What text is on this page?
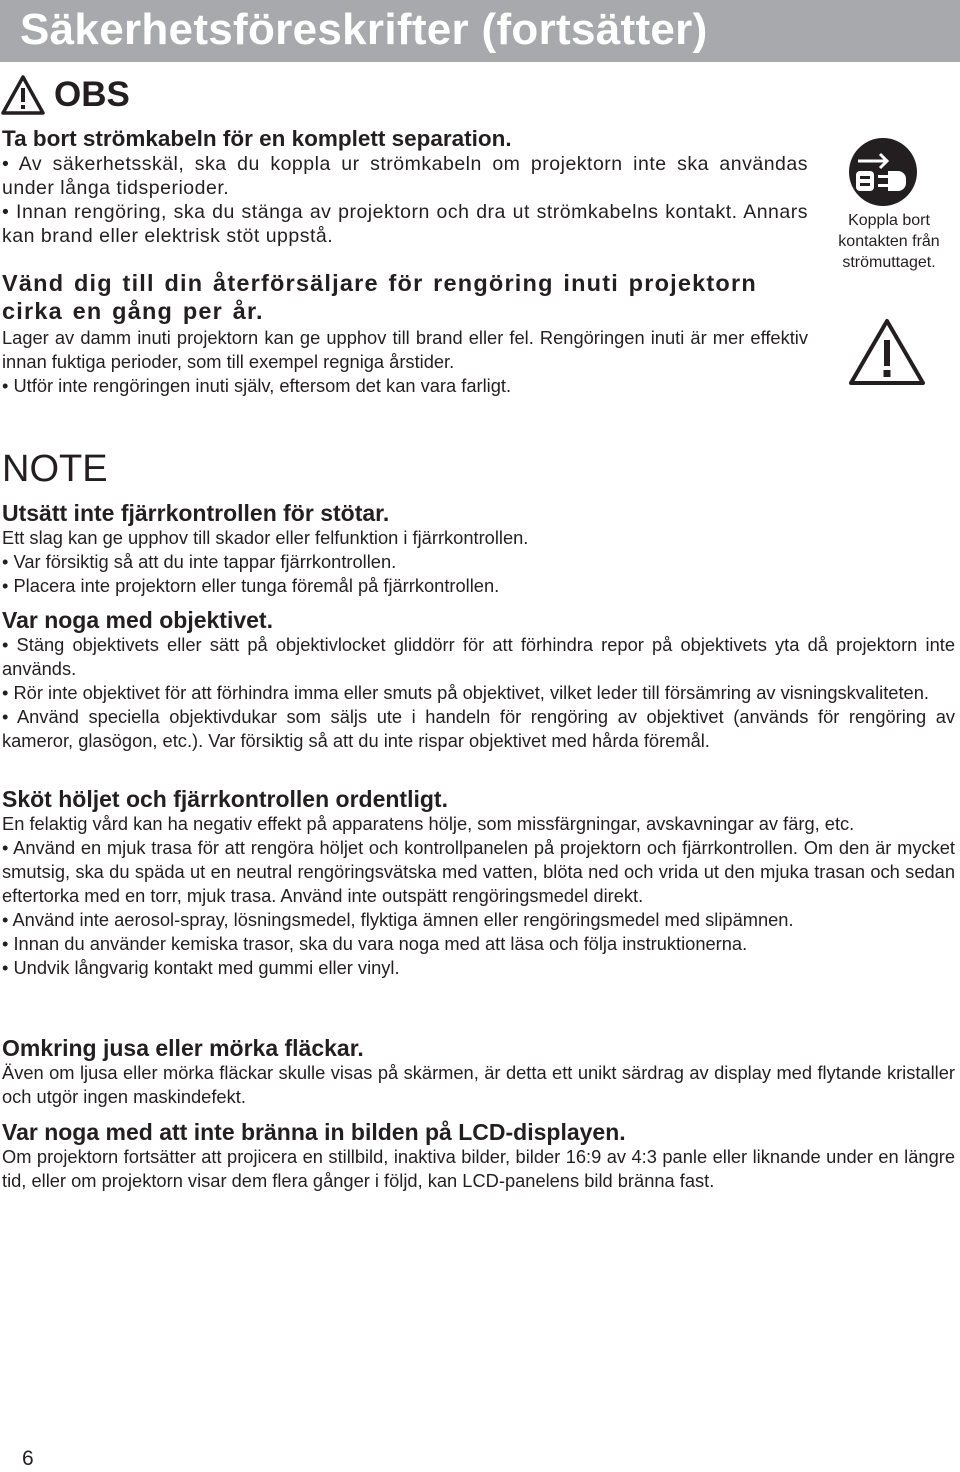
Säkerhetsföreskrifter (fortsätter)
OBS

Ta bort strömkabeln för en komplett separation.

• Av säkerhetsskäl, ska du koppla ur strömkabeln om projektorn inte ska användas under långa tidsperioder.

• Innan rengöring, ska du stänga av projektorn och dra ut strömkabelns kontakt. Annars kan brand eller elektrisk stöt uppstå.

Vänd dig till din återförsäljare för rengöring inuti projektorn cirka en gång per år.

Lager av damm inuti projektorn kan ge upphov till brand eller fel. Rengöringen inuti är mer effektiv innan fuktiga perioder, som till exempel regniga årstider.

• Utför inte rengöringen inuti själv, eftersom det kan vara farligt.

Koppla bort kontakten från strömuttaget.
NOTE

Utsätt inte fjärrkontrollen för stötar.

Ett slag kan ge upphov till skador eller felfunktion i fjärrkontrollen.

• Var försiktig så att du inte tappar fjärrkontrollen.

• Placera inte projektorn eller tunga föremål på fjärrkontrollen.

Var noga med objektivet.

• Stäng objektivets eller sätt på objektivlocket gliddörr för att förhindra repor på objektivets yta då projektorn inte används.

• Rör inte objektivet för att förhindra imma eller smuts på objektivet, vilket leder till försämring av visningskvaliteten.

• Använd speciella objektivdukar som säljs ute i handeln för rengöring av objektivet (används för rengöring av kameror, glasögon, etc.). Var försiktig så att du inte rispar objektivet med hårda föremål.

Sköt höljet och fjärrkontrollen ordentligt.

En felaktig vård kan ha negativ effekt på apparatens hölje, som missfärgningar, avskavningar av färg, etc.

• Använd en mjuk trasa för att rengöra höljet och kontrollpanelen på projektorn och fjärrkontrollen. Om den är mycket smutsig, ska du späda ut en neutral rengöringsvätska med vatten, blöta ned och vrida ut den mjuka trasan och sedan eftertorka med en torr, mjuk trasa. Använd inte outspätt rengöringsmedel direkt.

• Använd inte aerosol-spray, lösningsmedel, flyktiga ämnen eller rengöringsmedel med slipämnen.

• Innan du använder kemiska trasor, ska du vara noga med att läsa och följa instruktionerna.

• Undvik långvarig kontakt med gummi eller vinyl.

Omkring jusa eller mörka fläckar.

Även om ljusa eller mörka fläckar skulle visas på skärmen, är detta ett unikt särdrag av display med flytande kristaller och utgör ingen maskindefekt.

Var noga med att inte bränna in bilden på LCD-displayen.

Om projektorn fortsätter att projicera en stillbild, inaktiva bilder, bilder 16:9 av 4:3 panle eller liknande under en längre tid, eller om projektorn visar dem flera gånger i följd, kan LCD-panelens bild bränna fast.

6
